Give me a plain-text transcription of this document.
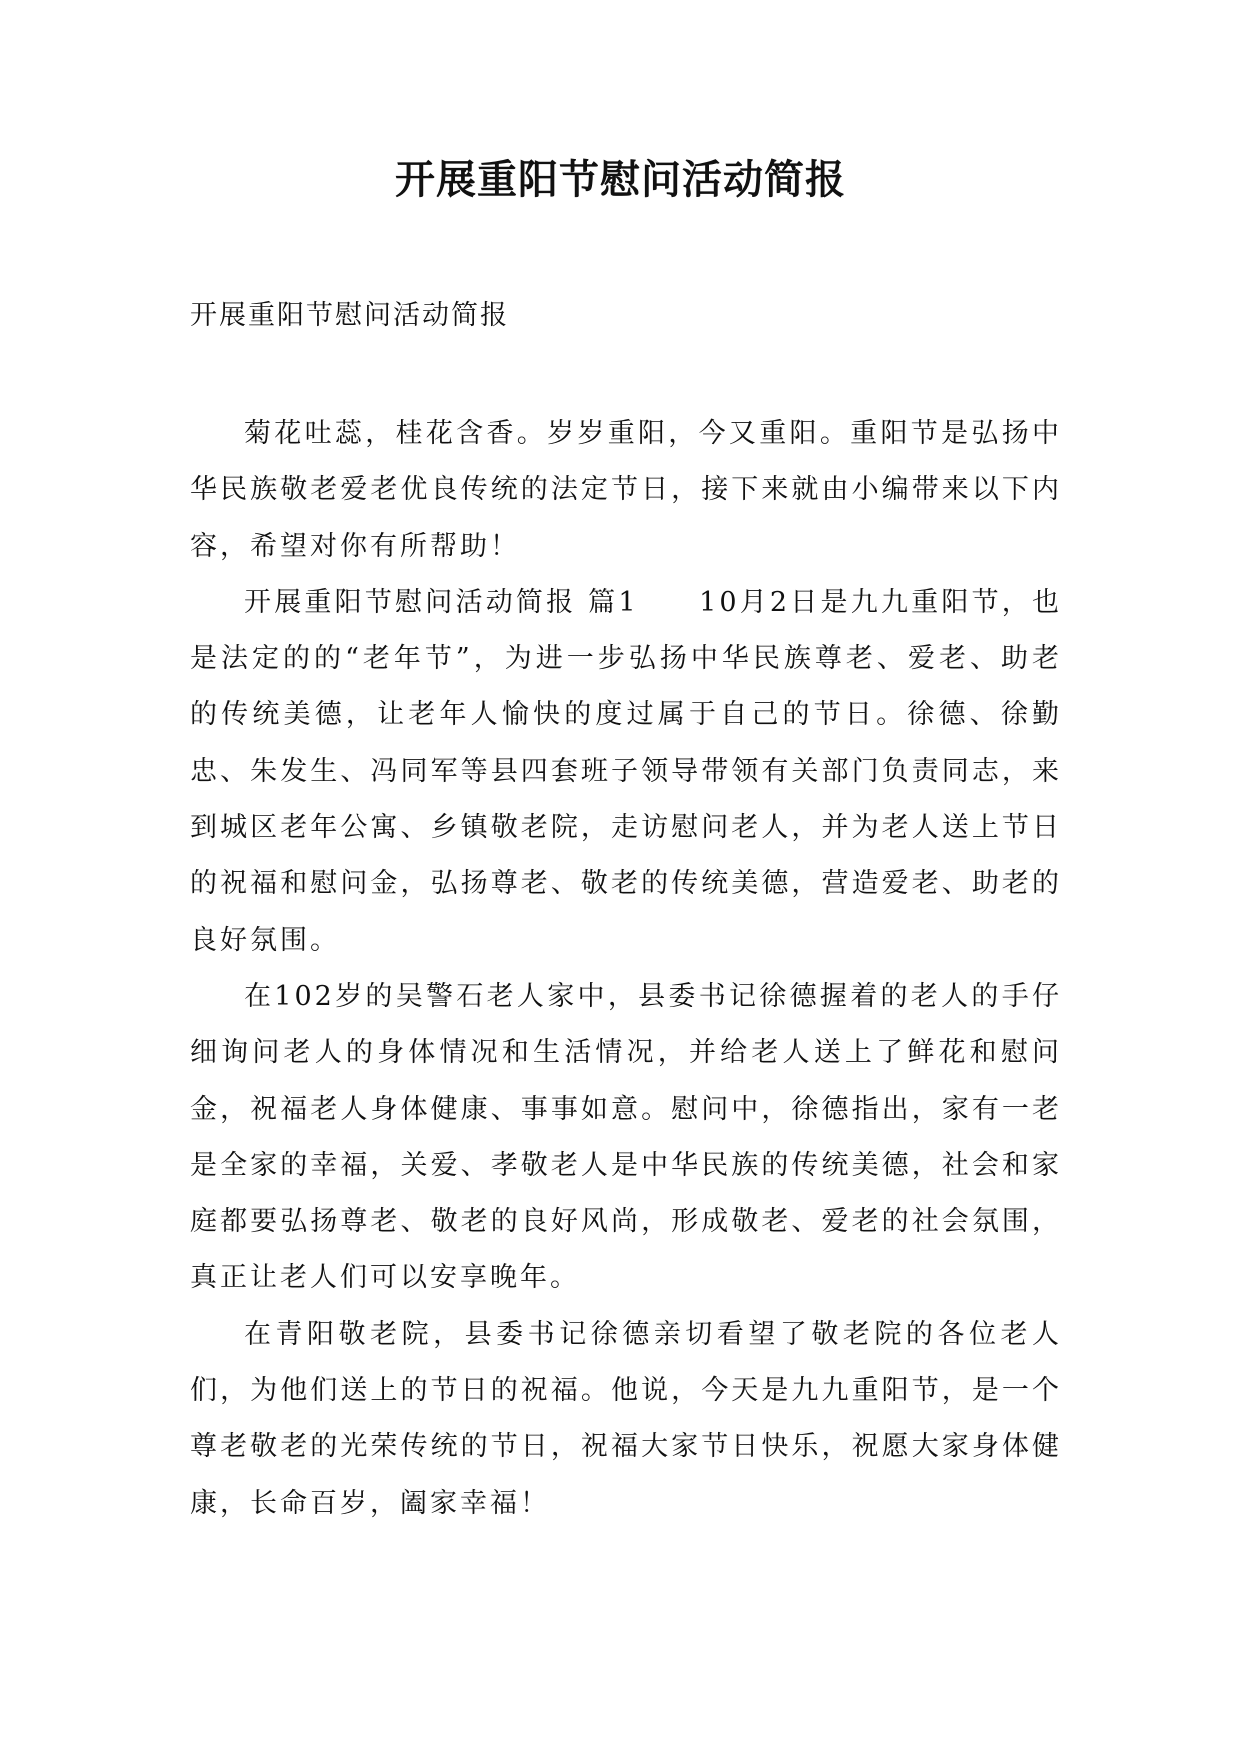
开展重阳节慰问活动简报
开展重阳节慰问活动简报

菊花吐蕊，桂花含香。岁岁重阳，今又重阳。重阳节是弘扬中华民族敬老爱老优良传统的法定节日，接下来就由小编带来以下内容，希望对你有所帮助！

开展重阳节慰问活动简报 篇1　　10月2日是九九重阳节，也是法定的的“老年节”，为进一步弘扬中华民族尊老、爱老、助老的传统美德，让老年人愉快的度过属于自己的节日。徐德、徐勤忠、朱发生、冯同军等县四套班子领导带领有关部门负责同志，来到城区老年公寓、乡镇敬老院，走访慰问老人，并为老人送上节日的祝福和慰问金，弘扬尊老、敬老的传统美德，营造爱老、助老的良好氛围。

在102岁的吴警石老人家中，县委书记徐德握着的老人的手仔细询问老人的身体情况和生活情况，并给老人送上了鲜花和慰问金，祝福老人身体健康、事事如意。慰问中，徐德指出，家有一老是全家的幸福，关爱、孝敬老人是中华民族的传统美德，社会和家庭都要弘扬尊老、敬老的良好风尚，形成敬老、爱老的社会氛围，真正让老人们可以安享晚年。

在青阳敬老院，县委书记徐德亲切看望了敬老院的各位老人们，为他们送上的节日的祝福。他说，今天是九九重阳节，是一个尊老敬老的光荣传统的节日，祝福大家节日快乐，祝愿大家身体健康，长命百岁，阖家幸福！
